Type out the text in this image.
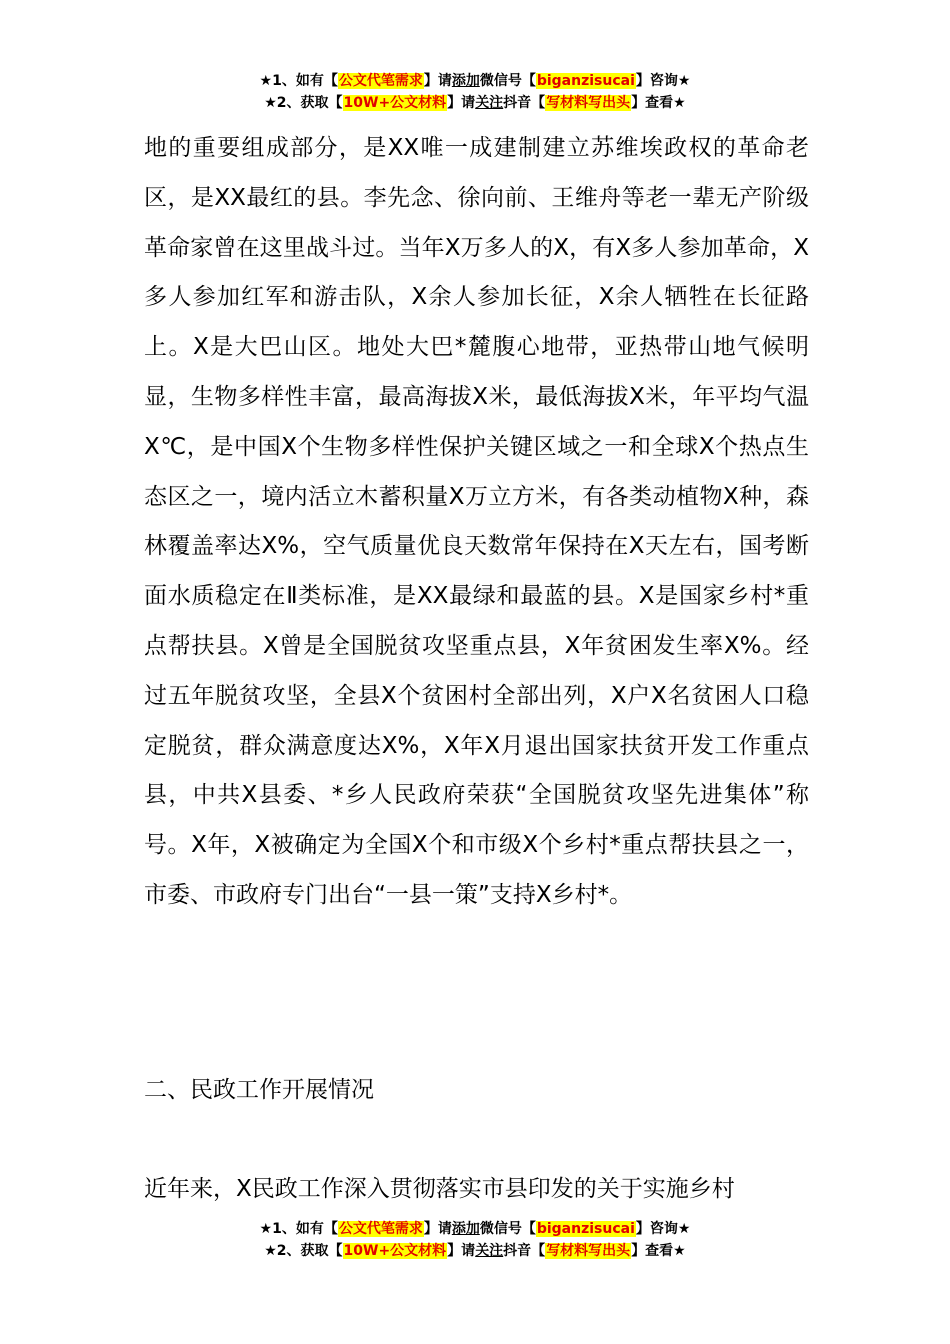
★1、如有【公文代笔需求】请添加微信号【biganzisucai】咨询★
★2、获取【10W+公文材料】请关注抖音【写材料写出头】查看★

地的重要组成部分，是XX唯一成建制建立苏维埃政权的革命老区，是XX最红的县。李先念、徐向前、王维舟等老一辈无产阶级革命家曾在这里战斗过。当年X万多人的X，有X多人参加革命，X多人参加红军和游击队，X余人参加长征，X余人牺牲在长征路上。X是大巴山区。地处大巴*麓腹心地带，亚热带山地气候明显，生物多样性丰富，最高海拔X米，最低海拔X米，年平均气温X℃，是中国X个生物多样性保护关键区域之一和全球X个热点生态区之一，境内活立木蓄积量X万立方米，有各类动植物X种，森林覆盖率达X%，空气质量优良天数常年保持在X天左右，国考断面水质稳定在Ⅱ类标准，是XX最绿和最蓝的县。X是国家乡村*重点帮扶县。X曾是全国脱贫攻坚重点县，X年贫困发生率X%。经过五年脱贫攻坚，全县X个贫困村全部出列，X户X名贫困人口稳定脱贫，群众满意度达X%，X年X月退出国家扶贫开发工作重点县，中共X县委、*乡人民政府荣获“全国脱贫攻坚先进集体”称号。X年，X被确定为全国X个和市级X个乡村*重点帮扶县之一，市委、市政府专门出台“一县一策”支持X乡村*。

二、民政工作开展情况
近年来，X民政工作深入贯彻落实市县印发的关于实施乡村
★1、如有【公文代笔需求】请添加微信号【biganzisucai】咨询★
★2、获取【10W+公文材料】请关注抖音【写材料写出头】查看★
